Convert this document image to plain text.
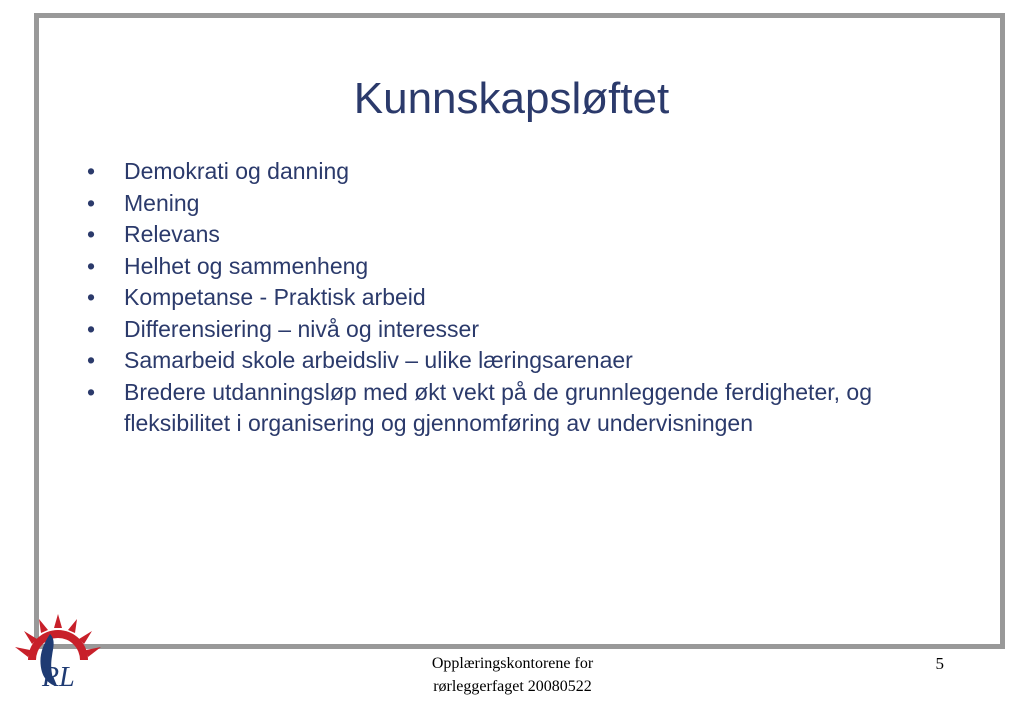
Kunnskapsløftet
• Demokrati og danning
• Mening
• Relevans
• Helhet og sammenheng
• Kompetanse - Praktisk arbeid
• Differensiering – nivå og interesser
• Samarbeid skole arbeidsliv – ulike læringsarenaer
• Bredere utdanningsløp med økt vekt på de grunnleggende ferdigheter, og fleksibilitet i organisering og gjennomføring av undervisningen
RL	Opplæringskontorene for
rørleggerfaget 20080522
5
